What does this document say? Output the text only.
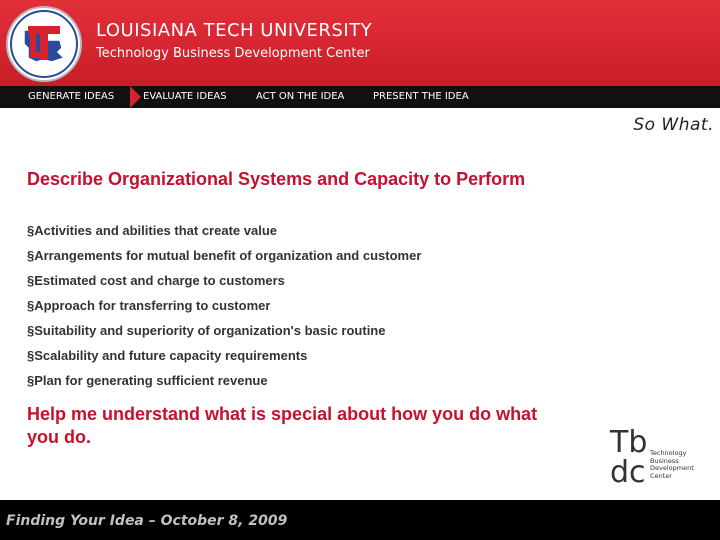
LOUISIANA TECH UNIVERSITY
Technology Business Development Center
GENERATE IDEAS	EVALUATE IDEAS	ACT ON THE IDEA	PRESENT THE IDEA
So What.
Describe Organizational Systems and Capacity to Perform
§Activities and abilities that create value
§Arrangements for mutual benefit of organization and customer
§Estimated cost and charge to customers
§Approach for transferring to customer
§Suitability and superiority of organization's basic routine
§Scalability and future capacity requirements
§Plan for generating sufficient revenue
Help me understand what is special about how you do what you do.	Tb
dc
Technology
Business
Development
Center
Finding Your Idea – October 8, 2009
